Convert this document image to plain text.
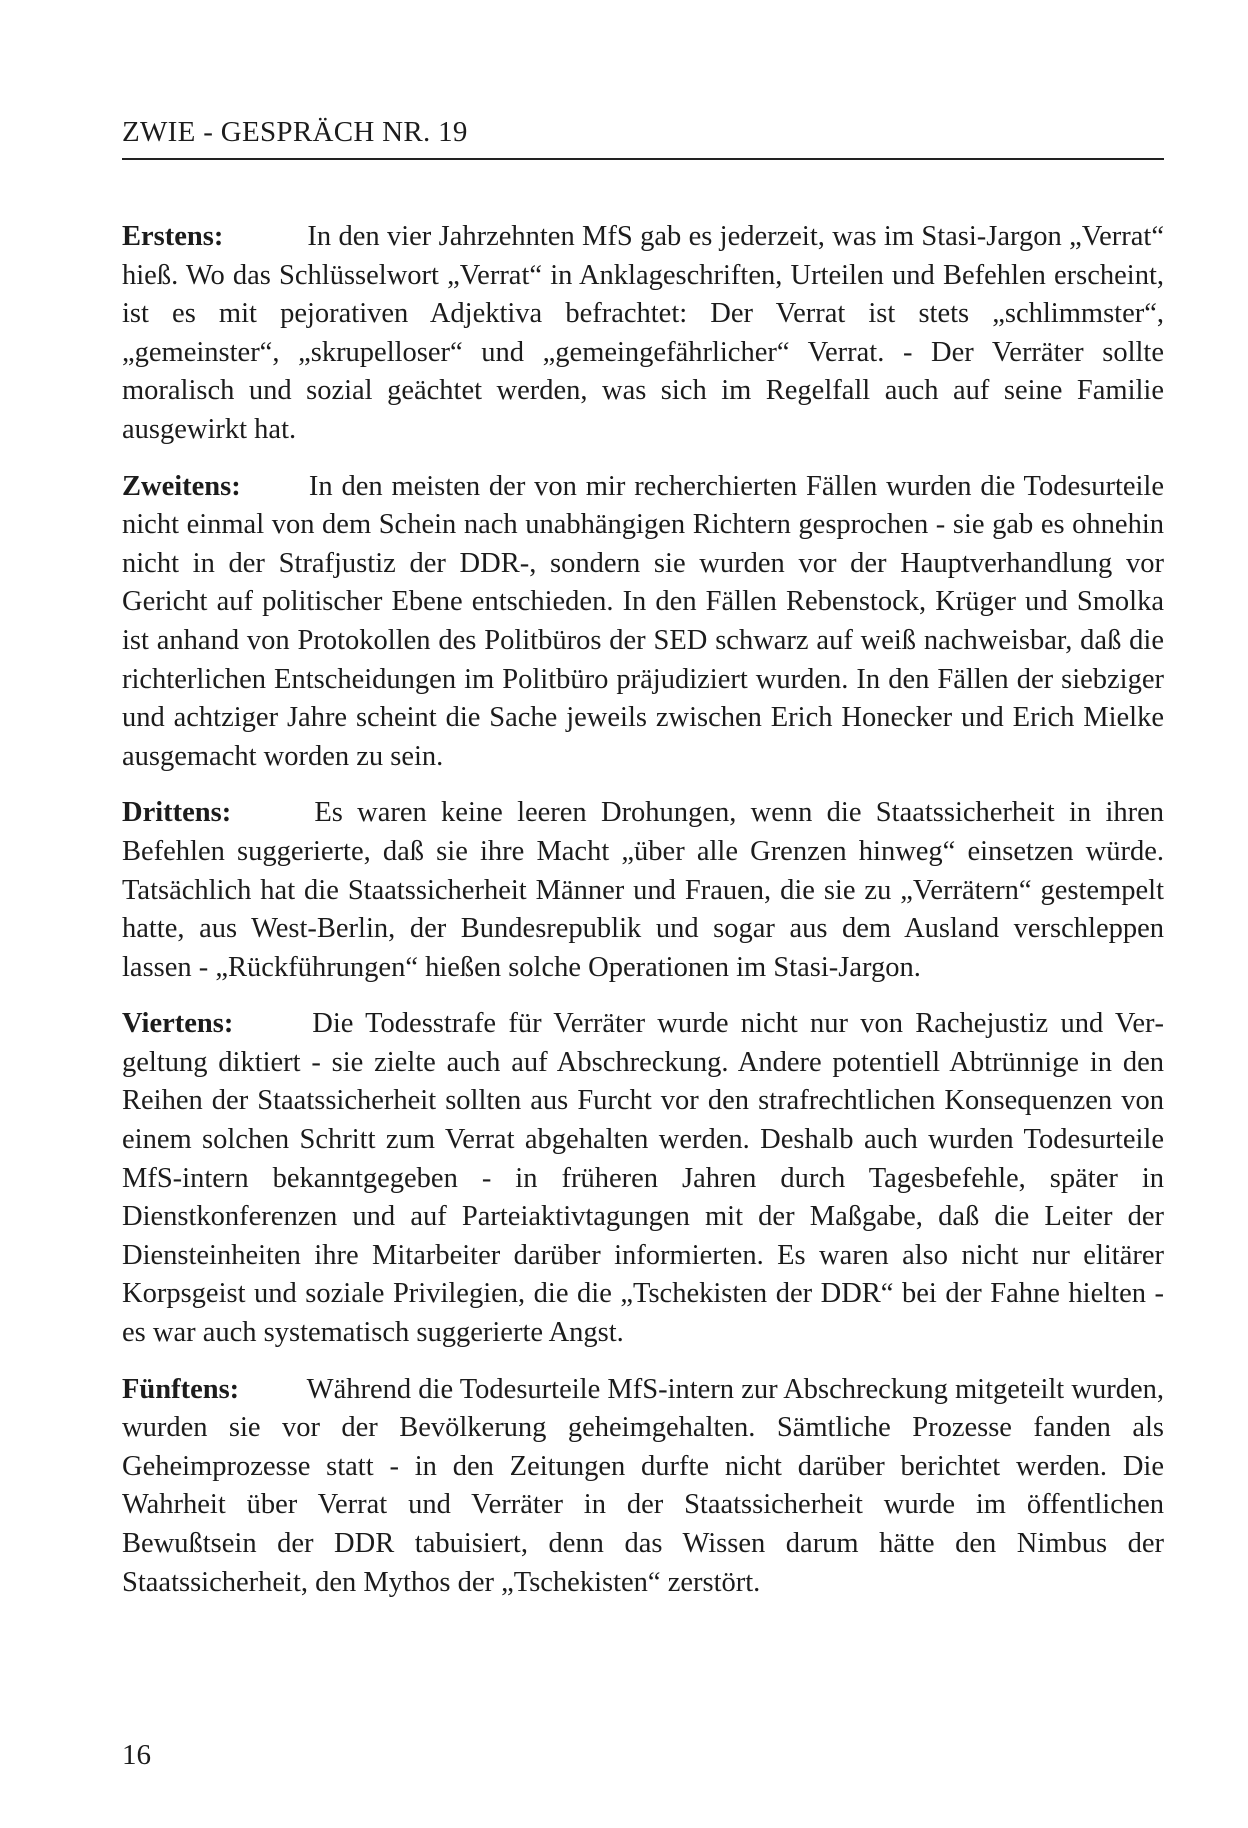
ZWIE - GESPRÄCH NR. 19

Erstens:	In den vier Jahrzehnten MfS gab es jederzeit, was im Stasi-Jargon „Verrat“ hieß. Wo das Schlüsselwort „Verrat“ in Anklageschriften, Urteilen und Befehlen erscheint, ist es mit pejorativen Adjektiva befrachtet: Der Verrat ist stets „schlimmster“, „gemeinster“, „skrupelloser“ und „gemeingefährlicher“ Verrat. - Der Verräter sollte moralisch und sozial geächtet werden, was sich im Regelfall auch auf seine Familie ausgewirkt hat.

Zweitens: In den meisten der von mir recherchierten Fällen wurden die Todesurteile nicht einmal von dem Schein nach unabhängigen Richtern gesprochen - sie gab es ohnehin nicht in der Strafjustiz der DDR-, sondern sie wurden vor der Hauptverhandlung vor Gericht auf politischer Ebene entschieden. In den Fällen Rebenstock, Krüger und Smolka ist anhand von Protokollen des Politbüros der SED schwarz auf weiß nachweisbar, daß die richterlichen Entscheidungen im Politbüro präjudiziert wurden. In den Fällen der siebziger und achtziger Jahre scheint die Sache jeweils zwischen Erich Honecker und Erich Mielke ausgemacht worden zu sein.

Drittens:	Es waren keine leeren Drohungen, wenn die Staatssicherheit in ihren Befehlen suggerierte, daß sie ihre Macht „über alle Grenzen hinweg“ einsetzen würde. Tatsächlich hat die Staatssicherheit Männer und Frauen, die sie zu „Verrätern“ gestempelt hatte, aus West-Berlin, der Bundesrepublik und sogar aus dem Ausland verschleppen lassen - „Rückführungen“ hießen solche Operationen im Stasi-Jargon.

Viertens:	Die Todesstrafe für Verräter wurde nicht nur von Rachejustiz und Vergeltung diktiert - sie zielte auch auf Abschreckung. Andere potentiell Abtrünnige in den Reihen der Staatssicherheit sollten aus Furcht vor den strafrechtlichen Konsequenzen von einem solchen Schritt zum Verrat abgehalten werden. Deshalb auch wurden Todesurteile MfS-intern bekanntgegeben - in früheren Jahren durch Tagesbefehle, später in Dienstkonferenzen und auf Parteiaktivtagungen mit der Maßgabe, daß die Leiter der Diensteinheiten ihre Mitarbeiter darüber informierten. Es waren also nicht nur elitärer Korpsgeist und soziale Privilegien, die die „Tschekisten der DDR“ bei der Fahne hielten - es war auch systematisch suggerierte Angst.

Fünftens: Während die Todesurteile MfS-intern zur Abschreckung mitgeteilt wurden, wurden sie vor der Bevölkerung geheimgehalten. Sämtliche Prozesse fanden als Geheimprozesse statt - in den Zeitungen durfte nicht darüber berichtet werden. Die Wahrheit über Verrat und Verräter in der Staatssicherheit wurde im öffentlichen Bewußtsein der DDR tabuisiert, denn das Wissen darum hätte den Nimbus der Staatssicherheit, den Mythos der „Tschekisten“ zerstört.

16
